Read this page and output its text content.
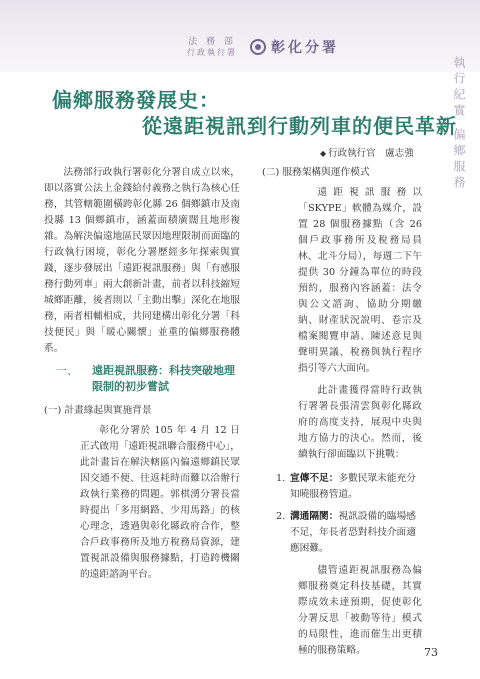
法 務 部
行政執行署 彰化分署
執行紀實 偏鄉服務
偏鄉服務發展史：
從遠距視訊到行動列車的便民革新
◆ 行政執行官　盧志強

法務部行政執行署彰化分署自成立以來，即以落實公法上金錢給付義務之執行為核心任務，其管轄範圍橫跨彰化縣 26 個鄉鎮市及南投縣 13 個鄉鎮市，涵蓋面積廣闊且地形複雜。為解決偏遠地區民眾因地理限制而面臨的行政執行困境，彰化分署歷經多年探索與實踐，逐步發展出「遠距視訊服務」與「有感服務行動列車」兩大創新計畫，前者以科技縮短城鄉距離，後者則以「主動出擊」深化在地服務，兩者相輔相成，共同建構出彰化分署「科技便民」與「暖心關懷」並重的偏鄉服務體系。

一、	遠距視訊服務：科技突破地理限制的初步嘗試
(一) 計畫緣起與實施背景

彰化分署於 105 年 4 月 12 日正式啟用「遠距視訊聯合服務中心」，此計畫旨在解決轄區內偏遠鄉鎮民眾因交通不便、往返耗時而難以洽辦行政執行業務的問題。郭棋湧分署長當時提出「多用網路、少用馬路」的核心理念，透過與彰化縣政府合作，整合戶政事務所及地方稅務局資源，建置視訊設備與服務據點，打造跨機關的遠距諮詢平台。

(二) 服務架構與運作模式

遠距視訊服務以「SKYPE」軟體為媒介，設置 28 個服務據點（含 26 個戶政事務所及稅務局員林、北斗分局），每週二下午提供 30 分鐘為單位的時段預約，服務內容涵蓋：法令與公文諮詢、協助分期繳納、財產狀況說明、卷宗及檔案閱覽申請、陳述意見與聲明異議、稅務與執行程序指引等六大面向。

此計畫獲得當時行政執行署署長張清雲與彰化縣政府的高度支持，展現中央與地方協力的決心。然而，後續執行卻面臨以下挑戰：

1. 宣傳不足：多數民眾未能充分知曉服務管道。
2. 溝通隔閡：視訊設備的臨場感不足，年長者恐對科技介面適應困難。

儘管遠距視訊服務為偏鄉服務奠定科技基礎，其實際成效未達預期，促使彰化分署反思「被動等待」模式的局限性，進而催生出更積極的服務策略。	73
